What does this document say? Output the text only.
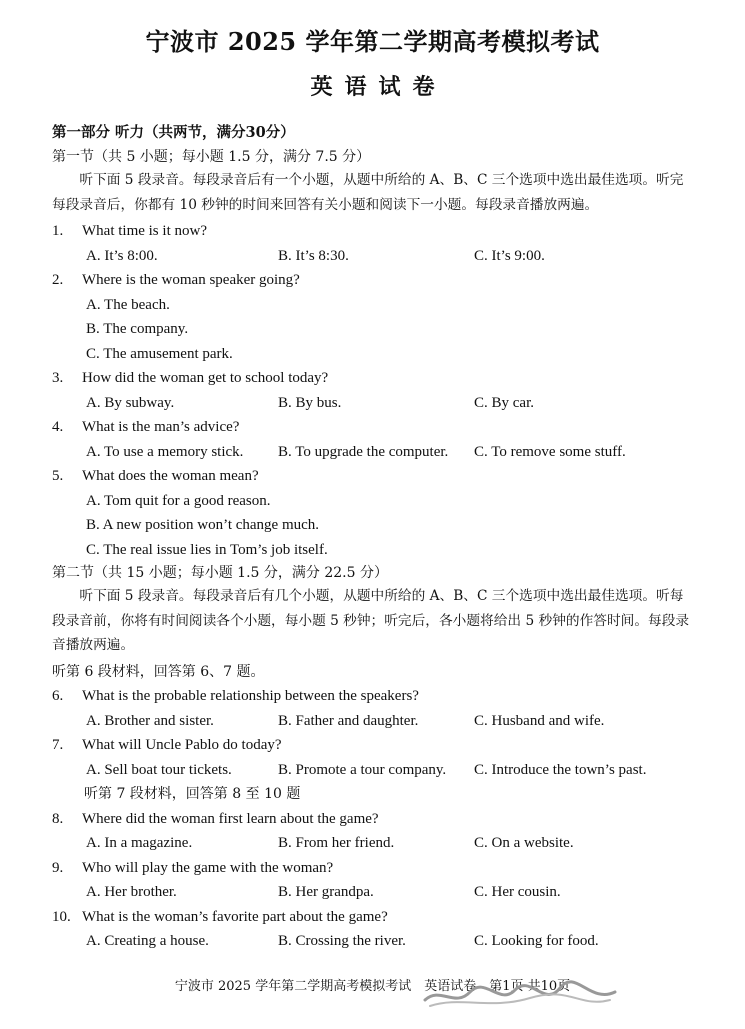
宁波市 2025 学年第二学期高考模拟考试
英语试卷
第一部分 听力（共两节，满分30分）
第一节（共 5 小题；每小题 1.5 分，满分 7.5 分）
听下面 5 段录音。每段录音后有一个小题，从题中所给的 A、B、C 三个选项中选出最佳选项。听完每段录音后，你都有 10 秒钟的时间来回答有关小题和阅读下一小题。每段录音播放两遍。
1.	What time is it now?
A. It’s 8:00.	B. It’s 8:30.	C. It’s 9:00.
2.	Where is the woman speaker going?
A. The beach.
B. The company.
C. The amusement park.
3.	How did the woman get to school today?
A. By subway.	B. By bus.	C. By car.
4.	What is the man’s advice?
A. To use a memory stick.	B. To upgrade the computer.	C. To remove some stuff.
5.	What does the woman mean?
A. Tom quit for a good reason.
B. A new position won’t change much.
C. The real issue lies in Tom’s job itself.
第二节（共 15 小题；每小题 1.5 分，满分 22.5 分）
听下面 5 段录音。每段录音后有几个小题，从题中所给的 A、B、C 三个选项中选出最佳选项。听每段录音前，你将有时间阅读各个小题，每小题 5 秒钟；听完后，各小题将给出 5 秒钟的作答时间。每段录音播放两遍。
听第 6 段材料，回答第 6、7 题。
6.	What is the probable relationship between the speakers?
A. Brother and sister.	B. Father and daughter.	C. Husband and wife.
7.	What will Uncle Pablo do today?
A. Sell boat tour tickets.	B. Promote a tour company.	C. Introduce the town’s past.
听第 7 段材料，回答第 8 至 10 题
8.	Where did the woman first learn about the game?
A. In a magazine.	B. From her friend.	C. On a website.
9.	Who will play the game with the woman?
A. Her brother.	B. Her grandpa.	C. Her cousin.
10. What is the woman’s favorite part about the game?
A. Creating a house.	B. Crossing the river.	C. Looking for food.
宁波市 2025 学年第二学期高考模拟考试　英语试卷　第1页 共10页
